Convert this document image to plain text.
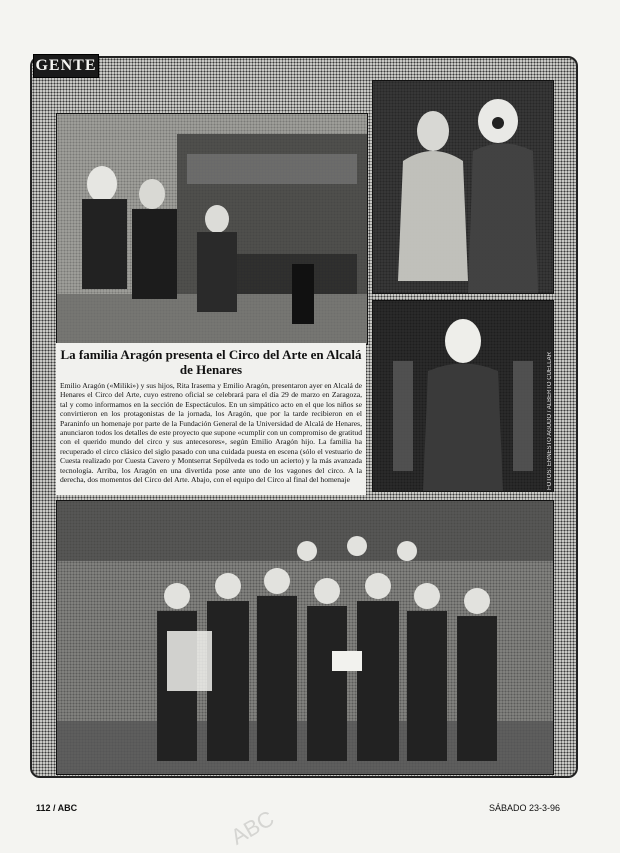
GENTE
FOTOS: ERNESTO AGUDO / ALBERTO CUÉLLAR
La familia Aragón presenta el Circo del Arte en Alcalá de Henares

Emilio Aragón («Miliki») y sus hijos, Rita Irasema y Emilio Aragón, presentaron ayer en Alcalá de Henares el Circo del Arte, cuyo estreno oficial se celebrará para el día 29 de marzo en Zaragoza, tal y como informamos en la sección de Espectáculos. En un simpático acto en el que los niños se convirtieron en los protagonistas de la jornada, los Aragón, que por la tarde recibieron en el Paraninfo un homenaje por parte de la Fundación General de la Universidad de Alcalá de Henares, anunciaron todos los detalles de este proyecto que supone «cumplir con un compromiso de gratitud con el querido mundo del circo y sus antecesores», según Emilio Aragón hijo. La familia ha recuperado el circo clásico del siglo pasado con una cuidada puesta en escena (sólo el vestuario de Cuesta realizado por Cuesta Cavero y Montserrat Sepúlveda es todo un acierto) y la más avanzada tecnología. Arriba, los Aragón en una divertida pose ante uno de los vagones del circo. A la derecha, dos momentos del Circo del Arte. Abajo, con el equipo del Circo al final del homenaje

112 / ABC	SÁBADO 23-3-96
ABC
